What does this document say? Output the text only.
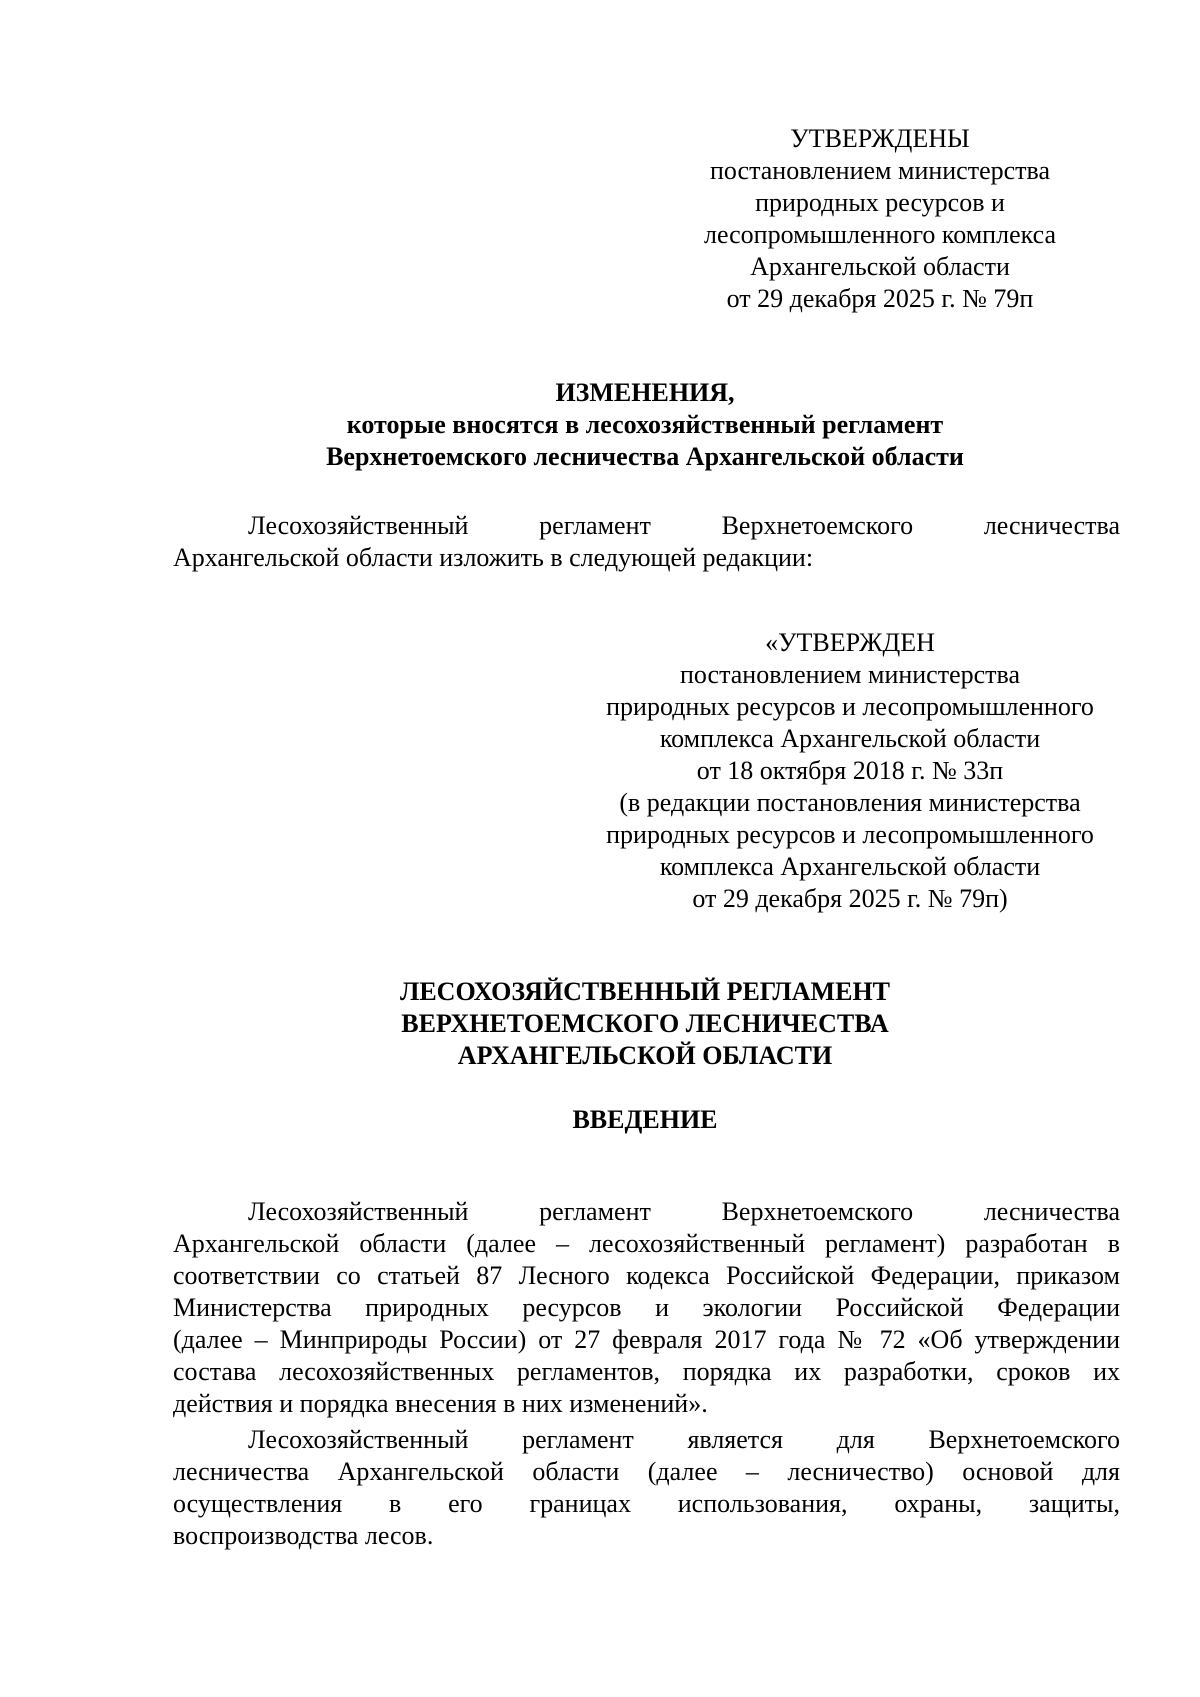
УТВЕРЖДЕНЫ
постановлением министерства
природных ресурсов и
лесопромышленного комплекса
Архангельской области
от 29 декабря 2025 г. № 79п
ИЗМЕНЕНИЯ,
которые вносятся в лесохозяйственный регламент
Верхнетоемского лесничества Архангельской области
Лесохозяйственный регламент Верхнетоемского лесничества
Архангельской области изложить в следующей редакции:
«УТВЕРЖДЕН
постановлением министерства
природных ресурсов и лесопромышленного
комплекса Архангельской области
от 18 октября 2018 г. № 33п
(в редакции постановления министерства
природных ресурсов и лесопромышленного
комплекса Архангельской области
от 29 декабря 2025 г. № 79п)
ЛЕСОХОЗЯЙСТВЕННЫЙ РЕГЛАМЕНТ
ВЕРХНЕТОЕМСКОГО ЛЕСНИЧЕСТВА
АРХАНГЕЛЬСКОЙ ОБЛАСТИ
ВВЕДЕНИЕ
Лесохозяйственный регламент Верхнетоемского лесничества
Архангельской области (далее – лесохозяйственный регламент) разработан в
соответствии со статьей 87 Лесного кодекса Российской Федерации, приказом
Министерства природных ресурсов и экологии Российской Федерации
(далее – Минприроды России) от 27 февраля 2017 года № 72 «Об утверждении
состава лесохозяйственных регламентов, порядка их разработки, сроков их
действия и порядка внесения в них изменений».
Лесохозяйственный регламент является для Верхнетоемского
лесничества Архангельской области (далее – лесничество) основой для
осуществления в его границах использования, охраны, защиты,
воспроизводства лесов.
